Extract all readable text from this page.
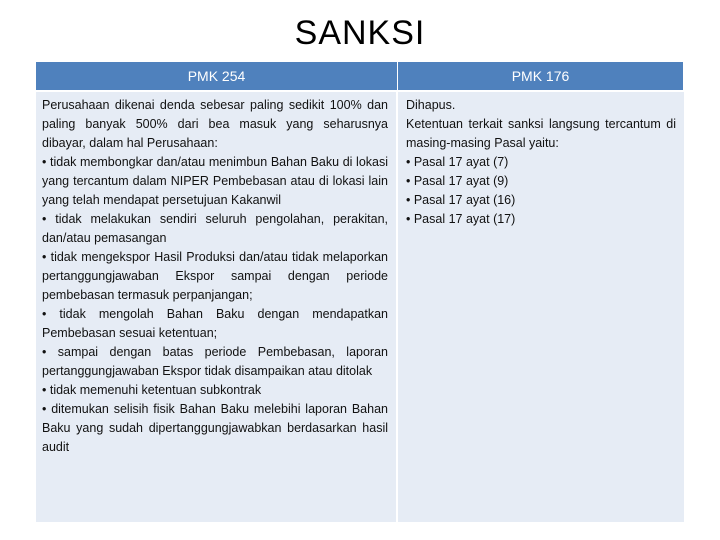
SANKSI
PMK 254	PMK 176

Perusahaan dikenai denda sebesar paling sedikit 100% dan paling banyak 500% dari bea masuk yang seharusnya dibayar, dalam hal Perusahaan:

• tidak membongkar dan/atau menimbun Bahan Baku di lokasi yang tercantum dalam NIPER Pembebasan atau di lokasi lain yang telah mendapat persetujuan Kakanwil

• tidak melakukan sendiri seluruh pengolahan, perakitan, dan/atau pemasangan

• tidak mengekspor Hasil Produksi dan/atau tidak melaporkan pertanggungjawaban Ekspor sampai dengan periode pembebasan termasuk perpanjangan;

• tidak mengolah Bahan Baku dengan mendapatkan Pembebasan sesuai ketentuan;

• sampai dengan batas periode Pembebasan, laporan pertanggungjawaban Ekspor tidak disampaikan atau ditolak

• tidak memenuhi ketentuan subkontrak

• ditemukan selisih fisik Bahan Baku melebihi laporan Bahan Baku yang sudah dipertanggungjawabkan berdasarkan hasil audit

Dihapus.

Ketentuan terkait sanksi langsung tercantum di masing-masing Pasal yaitu:

• Pasal 17 ayat (7)

• Pasal 17 ayat (9)

• Pasal 17 ayat (16)

• Pasal 17 ayat (17)
